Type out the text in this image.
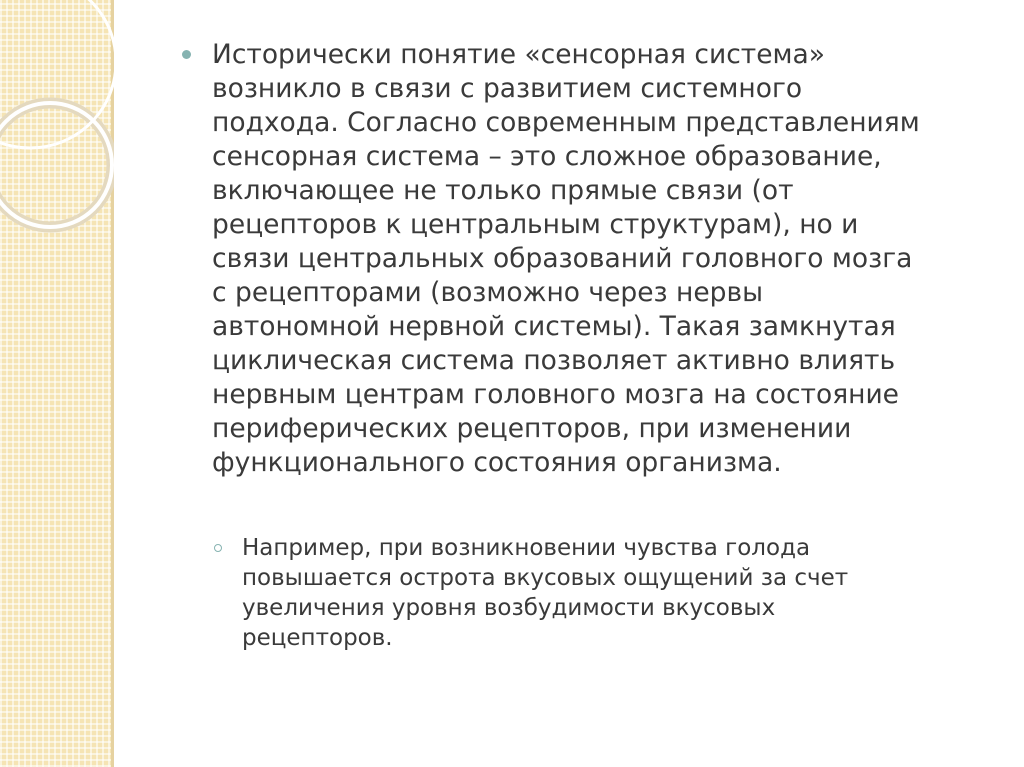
Исторически понятие «сенсорная система»
возникло в связи с развитием системного
подхода. Согласно современным представлениям
сенсорная система – это сложное образование,
включающее не только прямые связи (от
рецепторов к центральным структурам), но и
связи центральных образований головного мозга
с рецепторами (возможно через нервы
автономной нервной системы). Такая замкнутая
циклическая система позволяет активно влиять
нервным центрам головного мозга на состояние
периферических рецепторов, при изменении
функционального состояния организма.
Например, при возникновении чувства голода
повышается острота вкусовых ощущений за счет
увеличения уровня возбудимости вкусовых
рецепторов.
